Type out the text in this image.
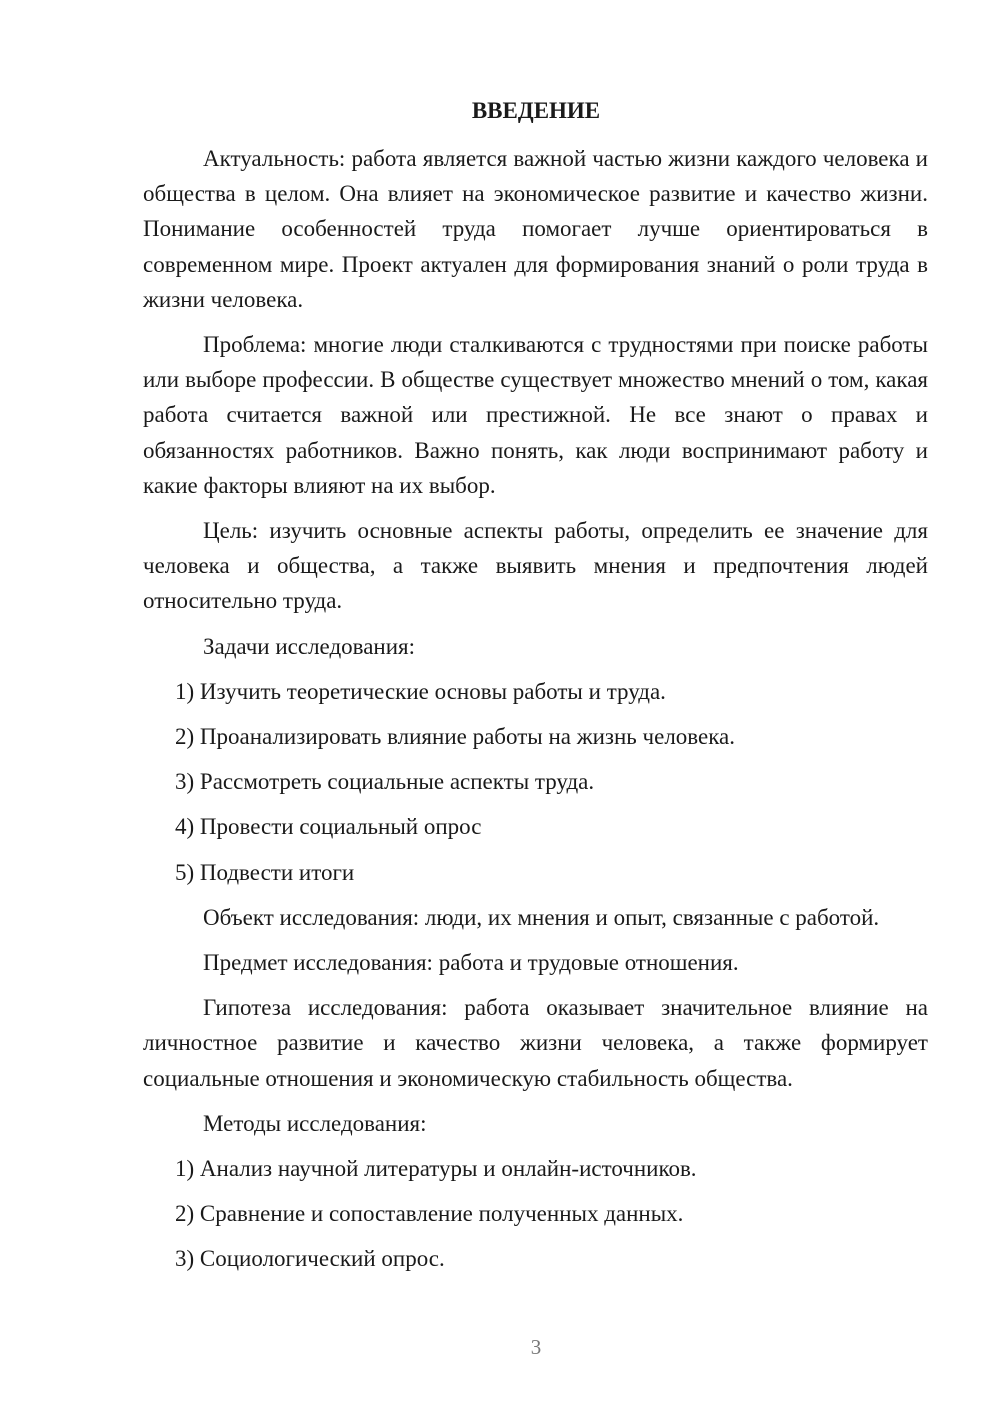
ВВЕДЕНИЕ

Актуальность: работа является важной частью жизни каждого человека и общества в целом. Она влияет на экономическое развитие и качество жизни. Понимание особенностей труда помогает лучше ориентироваться в современном мире. Проект актуален для формирования знаний о роли труда в жизни человека.

Проблема: многие люди сталкиваются с трудностями при поиске работы или выборе профессии. В обществе существует множество мнений о том, какая работа считается важной или престижной. Не все знают о правах и обязанностях работников. Важно понять, как люди воспринимают работу и какие факторы влияют на их выбор.

Цель: изучить основные аспекты работы, определить ее значение для человека и общества, а также выявить мнения и предпочтения людей относительно труда.

Задачи исследования:

1) Изучить теоретические основы работы и труда.

2) Проанализировать влияние работы на жизнь человека.

3) Рассмотреть социальные аспекты труда.

4) Провести социальный опрос

5) Подвести итоги

Объект исследования: люди, их мнения и опыт, связанные с работой.

Предмет исследования: работа и трудовые отношения.

Гипотеза исследования: работа оказывает значительное влияние на личностное развитие и качество жизни человека, а также формирует социальные отношения и экономическую стабильность общества.

Методы исследования:

1) Анализ научной литературы и онлайн-источников.

2) Сравнение и сопоставление полученных данных.

3) Социологический опрос.

3
